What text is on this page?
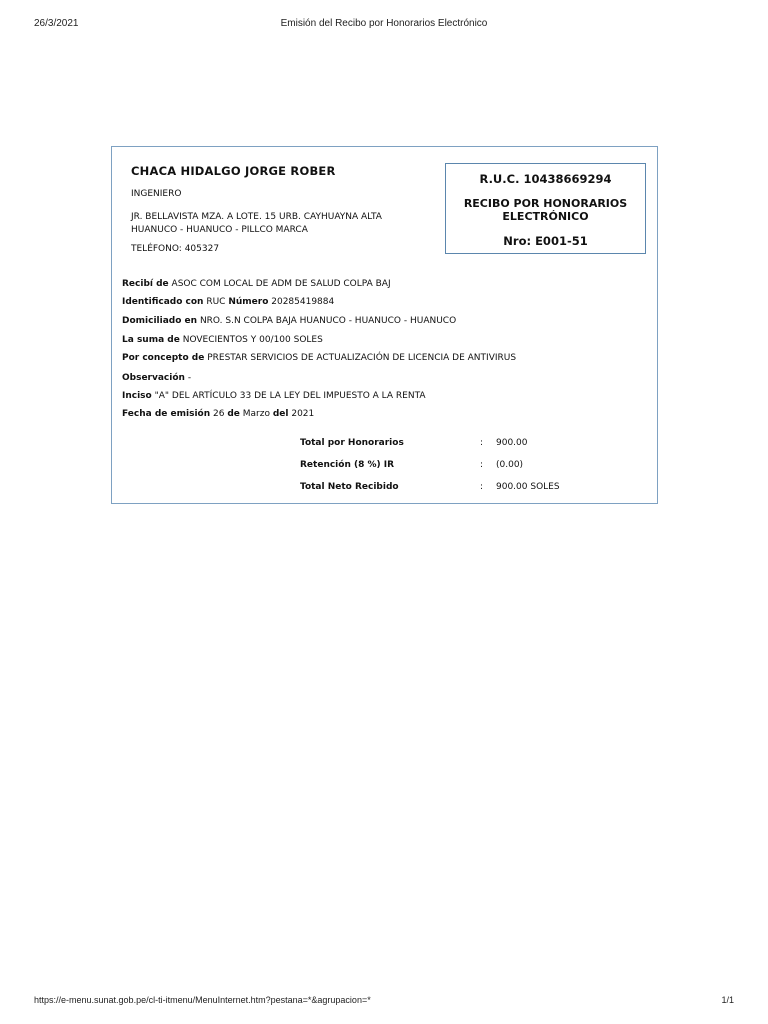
26/3/2021	Emisión del Recibo por Honorarios Electrónico
CHACA HIDALGO JORGE ROBER
INGENIERO
JR. BELLAVISTA MZA. A LOTE. 15 URB. CAYHUAYNA ALTA
HUANUCO - HUANUCO - PILLCO MARCA
TELÉFONO: 405327
R.U.C. 10438669294
RECIBO POR HONORARIOS
ELECTRÓNICO
Nro: E001-51
Recibí de ASOC COM LOCAL DE ADM DE SALUD COLPA BAJ
Identificado con RUC Número 20285419884
Domiciliado en NRO. S.N COLPA BAJA HUANUCO - HUANUCO - HUANUCO
La suma de NOVECIENTOS Y 00/100 SOLES
Por concepto de PRESTAR SERVICIOS DE ACTUALIZACIÓN DE LICENCIA DE ANTIVIRUS
Observación -
Inciso "A" DEL ARTÍCULO 33 DE LA LEY DEL IMPUESTO A LA RENTA
Fecha de emisión 26 de Marzo del 2021
Total por Honorarios	: 900.00
Retención (8 %) IR	: (0.00)
Total Neto Recibido	: 900.00 SOLES
https://e-menu.sunat.gob.pe/cl-ti-itmenu/MenuInternet.htm?pestana=*&agrupacion=*	1/1
